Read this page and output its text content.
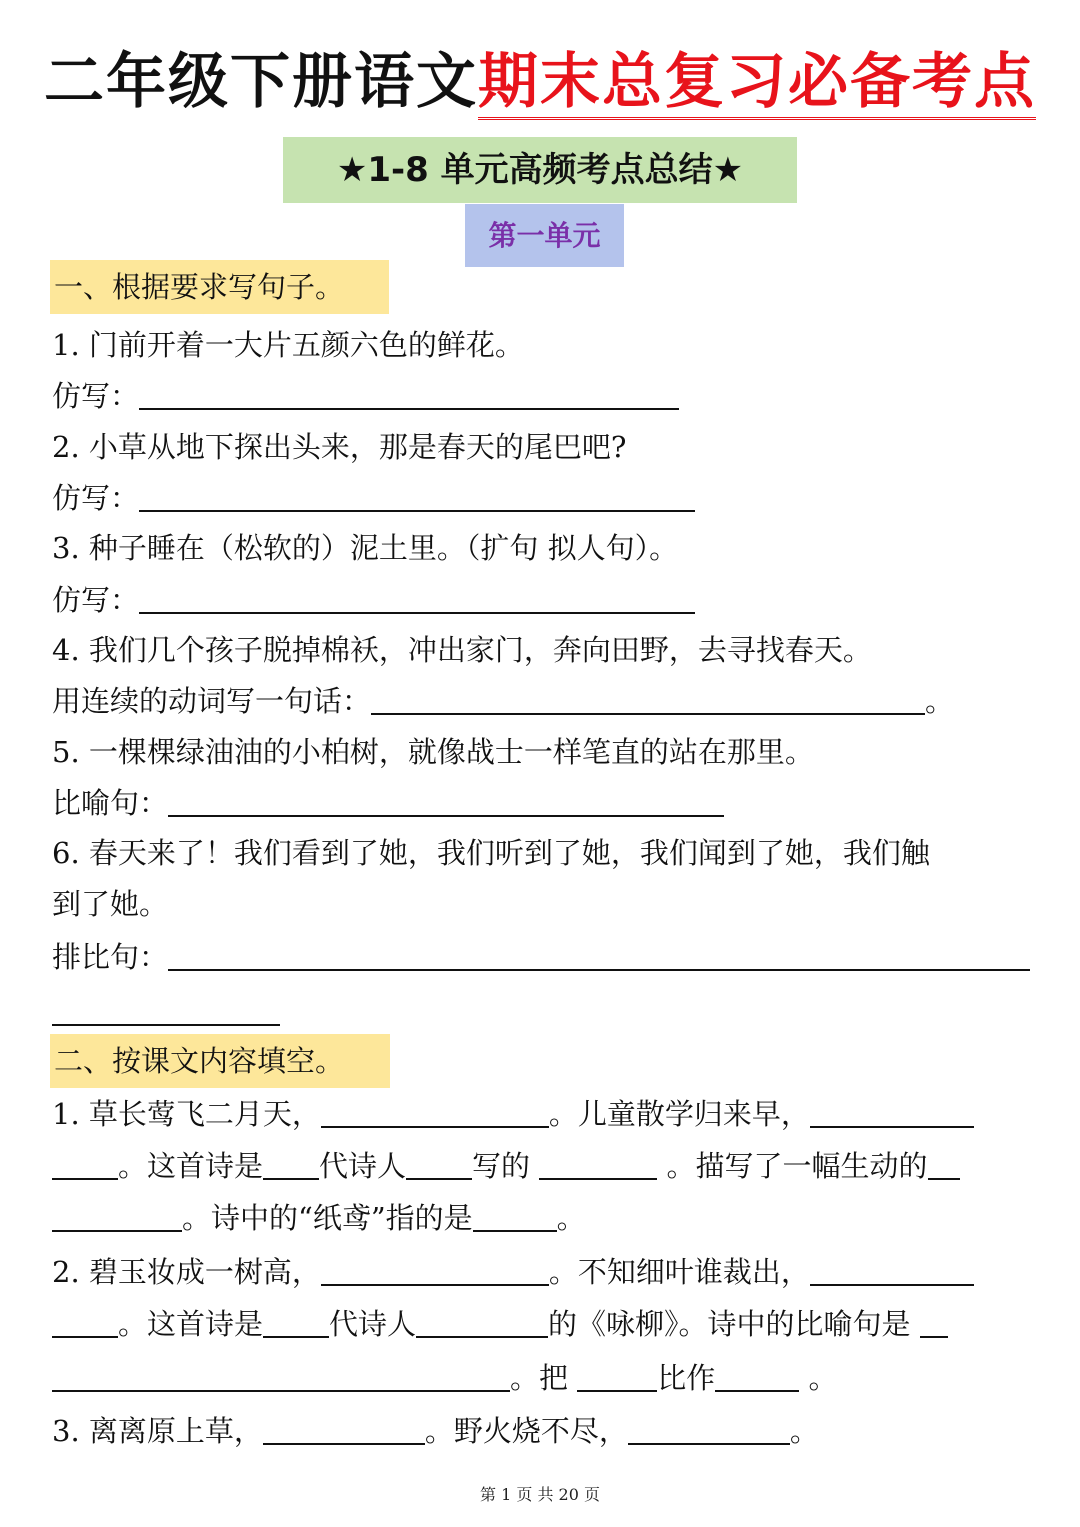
二年级下册语文期末总复习必备考点
★1-8 单元高频考点总结★
第一单元
一、根据要求写句子。
1. 门前开着一大片五颜六色的鲜花。
仿写：
2. 小草从地下探出头来，那是春天的尾巴吧?
仿写：
3. 种子睡在（松软的）泥土里。（扩句 拟人句）。
仿写：
4. 我们几个孩子脱掉棉袄，冲出家门，奔向田野，去寻找春天。
用连续的动词写一句话：	。
5. 一棵棵绿油油的小柏树，就像战士一样笔直的站在那里。
比喻句：
6. 春天来了！我们看到了她，我们听到了她，我们闻到了她，我们触
到了她。
排比句：
二、按课文内容填空。
1. 草长莺飞二月天，	。儿童散学归来早，
。这首诗是 代诗人 写的	。描写了一幅生动的
。诗中的“纸鸢”指的是	。
2. 碧玉妆成一树高，	。不知细叶谁裁出，
。这首诗是 代诗人	的《咏柳》。诗中的比喻句是
。把	比作	。
3. 离离原上草，	。野火烧不尽，	。
第 1 页 共 20 页
